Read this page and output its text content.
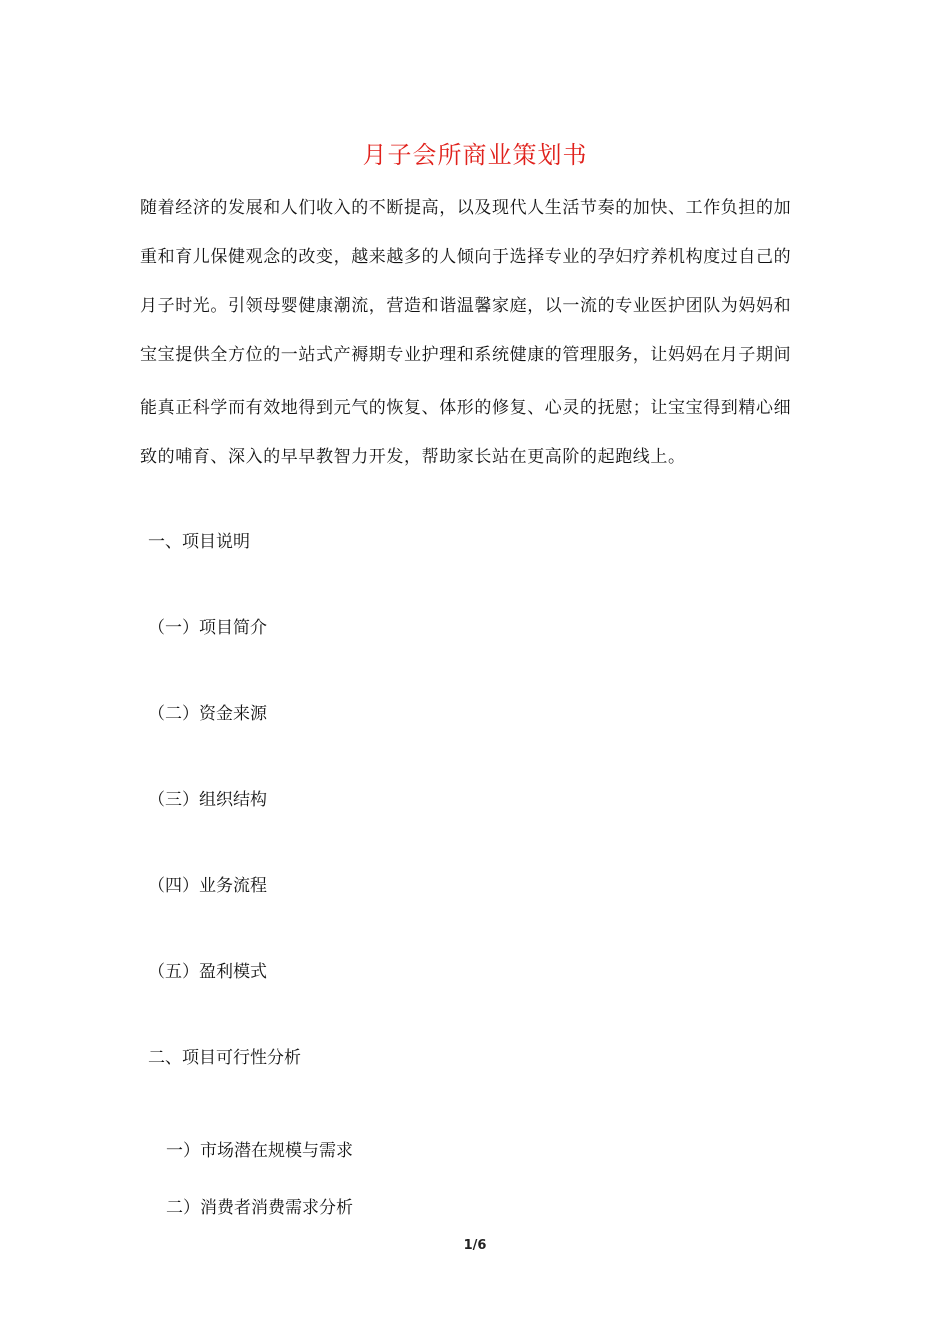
月子会所商业策划书
随着经济的发展和人们收入的不断提高，以及现代人生活节奏的加快、工作负担的加
重和育儿保健观念的改变，越来越多的人倾向于选择专业的孕妇疗养机构度过自己的
月子时光。引领母婴健康潮流，营造和谐温馨家庭，以一流的专业医护团队为妈妈和
宝宝提供全方位的一站式产褥期专业护理和系统健康的管理服务，让妈妈在月子期间
能真正科学而有效地得到元气的恢复、体形的修复、心灵的抚慰；让宝宝得到精心细
致的哺育、深入的早早教智力开发，帮助家长站在更高阶的起跑线上。
一、项目说明
（一）项目简介
（二）资金来源
（三）组织结构
（四）业务流程
（五）盈利模式
二、项目可行性分析
一）市场潜在规模与需求
二）消费者消费需求分析
1/6
